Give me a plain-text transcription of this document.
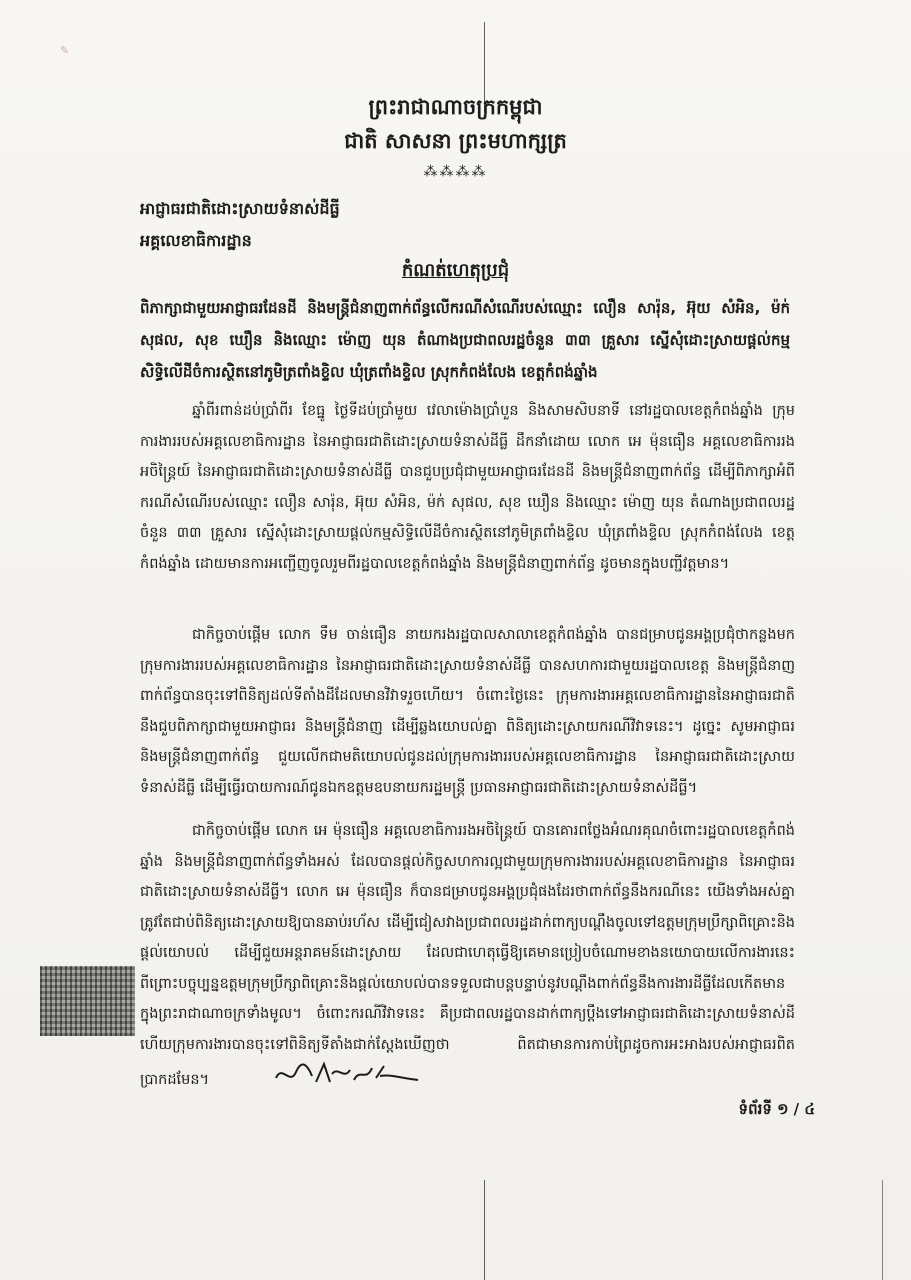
✎
ព្រះរាជាណាចក្រកម្ពុជា
ជាតិ សាសនា ព្រះមហាក្សត្រ
⁂⁂⁂⁂
អាជ្ញាធរជាតិដោះស្រាយទំនាស់ដីធ្លី
អគ្គលេខាធិការដ្ឋាន
កំណត់ហេតុប្រជុំ
ពិភាក្សាជាមួយអាជ្ញាធរដែនដី និងមន្ត្រីជំនាញពាក់ព័ន្ធលើករណីសំណើរបស់ឈ្មោះ លឿន សារ៉ុន, អ៊ុយ សំអិន, ម៉ក់ សុផល, សុខ ឃឿន និងឈ្មោះ ម៉ោញ យុន តំណាងប្រជាពលរដ្ឋចំនួន ៣៣ គ្រួសារ ស្នើសុំដោះស្រាយផ្តល់កម្មសិទ្ធិលើដីចំការស្ថិតនៅភូមិត្រពាំងខ្ទិល ឃុំត្រពាំងខ្ទិល ស្រុកកំពង់លែង ខេត្តកំពង់ឆ្នាំង
ឆ្នាំពីរពាន់ដប់ប្រាំពីរ ខែធ្នូ ថ្ងៃទីដប់ប្រាំមួយ វេលាម៉ោងប្រាំបួន និងសាមសិបនាទី នៅរដ្ឋបាលខេត្តកំពង់ឆ្នាំង ក្រុមការងាររបស់អគ្គលេខាធិការដ្ឋាន នៃអាជ្ញាធរជាតិដោះស្រាយទំនាស់ដីធ្លី ដឹកនាំដោយ លោក អេ ម៉ុនធឿន អគ្គលេខាធិការរងអចិន្ត្រៃយ៍ នៃអាជ្ញាធរជាតិដោះស្រាយទំនាស់ដីធ្លី បានជួបប្រជុំជាមួយអាជ្ញាធរដែនដី និងមន្ត្រីជំនាញពាក់ព័ន្ធ ដើម្បីពិភាក្សាអំពីករណីសំណើរបស់ឈ្មោះ លឿន សារ៉ុន, អ៊ុយ សំអិន, ម៉ក់ សុផល, សុខ ឃឿន និងឈ្មោះ ម៉ោញ យុន តំណាងប្រជាពលរដ្ឋចំនួន ៣៣ គ្រួសារ ស្នើសុំដោះស្រាយផ្តល់កម្មសិទ្ធិលើដីចំការស្ថិតនៅភូមិត្រពាំងខ្ទិល ឃុំត្រពាំងខ្ទិល ស្រុកកំពង់លែង ខេត្តកំពង់ឆ្នាំង ដោយមានការអញ្ជើញចូលរួមពីរដ្ឋបាលខេត្តកំពង់ឆ្នាំង និងមន្ត្រីជំនាញពាក់ព័ន្ធ ដូចមានក្នុងបញ្ជីវត្តមាន។
ជាកិច្ចចាប់ផ្តើម លោក ទឹម ចាន់ធឿន នាយករងរដ្ឋបាលសាលាខេត្តកំពង់ឆ្នាំង បានជម្រាបជូនអង្គប្រជុំថាកន្លងមកក្រុមការងាររបស់អគ្គលេខាធិការដ្ឋាន នៃអាជ្ញាធរជាតិដោះស្រាយទំនាស់ដីធ្លី បានសហការជាមួយរដ្ឋបាលខេត្ត និងមន្ត្រីជំនាញពាក់ព័ន្ធបានចុះទៅពិនិត្យដល់ទីតាំងដីដែលមានវិវាទរួចហើយ។ ចំពោះថ្ងៃនេះ ក្រុមការងារអគ្គលេខាធិការដ្ឋាននៃអាជ្ញាធរជាតិ នឹងជួបពិភាក្សាជាមួយអាជ្ញាធរ និងមន្ត្រីជំនាញ ដើម្បីឆ្លងយោបល់គ្នា ពិនិត្យដោះស្រាយករណីវិវាទនេះ។ ដូច្នេះ សូមអាជ្ញាធរ និងមន្ត្រីជំនាញពាក់ព័ន្ធ ជួយលើកជាមតិយោបល់ជូនដល់ក្រុមការងាររបស់អគ្គលេខាធិការដ្ឋាន នៃអាជ្ញាធរជាតិដោះស្រាយទំនាស់ដីធ្លី ដើម្បីធ្វើរបាយការណ៍ជូនឯកឧត្តមឧបនាយករដ្ឋមន្ត្រី ប្រធានអាជ្ញាធរជាតិដោះស្រាយទំនាស់ដីធ្លី។
ជាកិច្ចចាប់ផ្តើម លោក អេ ម៉ុនធឿន អគ្គលេខាធិការរងអចិន្ត្រៃយ៍ បានគោរពថ្លែងអំណរគុណចំពោះរដ្ឋបាលខេត្តកំពង់ឆ្នាំង និងមន្ត្រីជំនាញពាក់ព័ន្ធទាំងអស់ ដែលបានផ្តល់កិច្ចសហការល្អជាមួយក្រុមការងាររបស់អគ្គលេខាធិការដ្ឋាន នៃអាជ្ញាធរជាតិដោះស្រាយទំនាស់ដីធ្លី។ លោក អេ ម៉ុនធឿន ក៏បានជម្រាបជូនអង្គប្រជុំផងដែរថាពាក់ព័ន្ធនឹងករណីនេះ យើងទាំងអស់គ្នាត្រូវតែជាប់ពិនិត្យដោះស្រាយឱ្យបានឆាប់រហ័ស ដើម្បីជៀសវាងប្រជាពលរដ្ឋដាក់ពាក្យបណ្តឹងចូលទៅឧត្តមក្រុមប្រឹក្សាពិគ្រោះនិងផ្តល់យោបល់ ដើម្បីជួយអន្តរាគមន៍ដោះស្រាយ ដែលជាហេតុធ្វើឱ្យគេមានប្រៀបចំណោមខាងនយោបាយលើការងារនេះ ពីព្រោះបច្ចុប្បន្នឧត្តមក្រុមប្រឹក្សាពិគ្រោះនិងផ្តល់យោបល់បានទទួលជាបន្តបន្ទាប់នូវបណ្តឹងពាក់ព័ន្ធនឹងការងារដីធ្លីដែលកើតមានក្នុងព្រះរាជាណាចក្រទាំងមូល។ ចំពោះករណីវិវាទនេះ គឺប្រជាពលរដ្ឋបានដាក់ពាក្យប្តឹងទៅអាជ្ញាធរជាតិដោះស្រាយទំនាស់ដី ហើយក្រុមការងារបានចុះទៅពិនិត្យទីតាំងជាក់ស្តែងឃើញថា ពិតជាមានការកាប់ព្រៃដូចការអះអាងរបស់អាជ្ញាធរពិតប្រាកដមែន។
ទំព័រទី ១ / ៤
